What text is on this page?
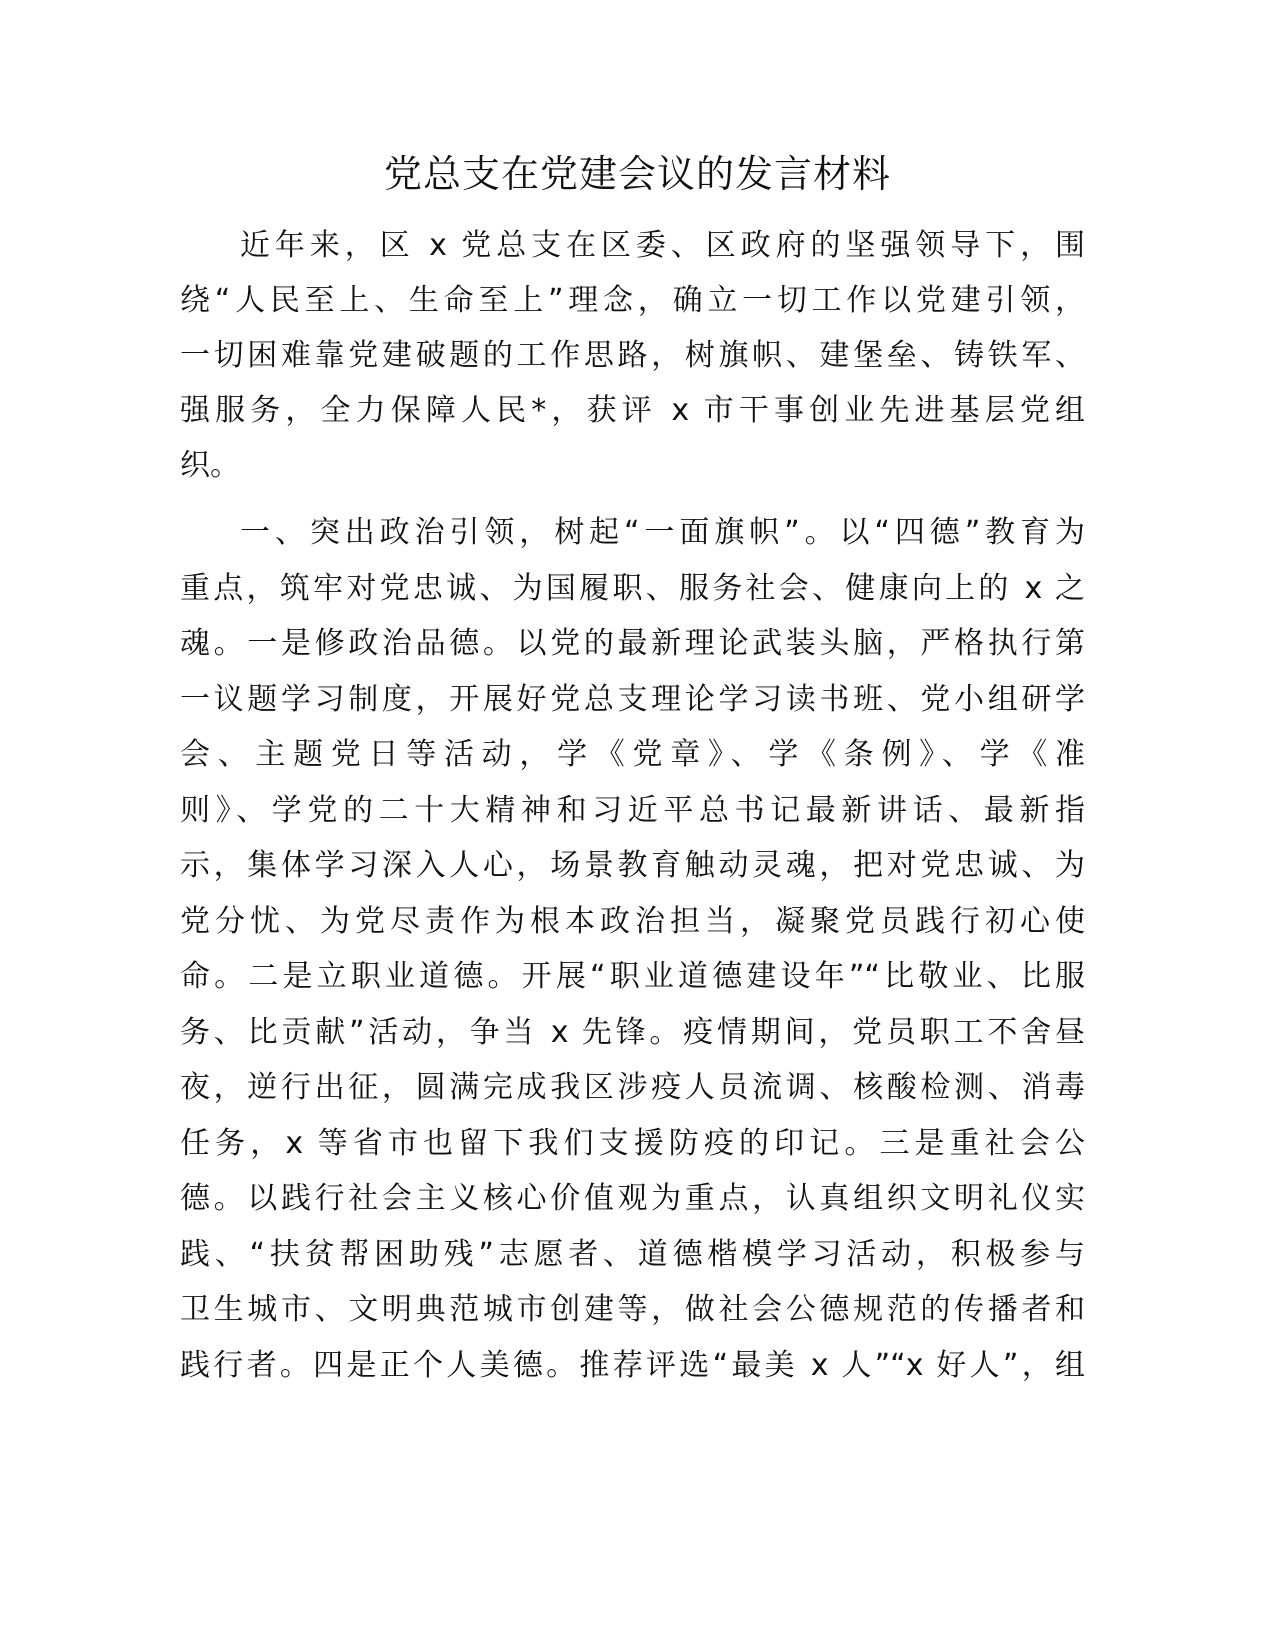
党总支在党建会议的发言材料
近年来，区 x 党总支在区委、区政府的坚强领导下，围
绕“人民至上、生命至上”理念，确立一切工作以党建引领，
一切困难靠党建破题的工作思路，树旗帜、建堡垒、铸铁军、
强服务，全力保障人民*，获评 x 市干事创业先进基层党组
织。
一、突出政治引领，树起“一面旗帜”。以“四德”教育为
重点，筑牢对党忠诚、为国履职、服务社会、健康向上的 x 之
魂。一是修政治品德。以党的最新理论武装头脑，严格执行第
一议题学习制度，开展好党总支理论学习读书班、党小组研学
会、主题党日等活动，学《党章》、学《条例》、学《准
则》、学党的二十大精神和习近平总书记最新讲话、最新指
示，集体学习深入人心，场景教育触动灵魂，把对党忠诚、为
党分忧、为党尽责作为根本政治担当，凝聚党员践行初心使
命。二是立职业道德。开展“职业道德建设年”“比敬业、比服
务、比贡献”活动，争当 x 先锋。疫情期间，党员职工不舍昼
夜，逆行出征，圆满完成我区涉疫人员流调、核酸检测、消毒
任务，x 等省市也留下我们支援防疫的印记。三是重社会公
德。以践行社会主义核心价值观为重点，认真组织文明礼仪实
践、“扶贫帮困助残”志愿者、道德楷模学习活动，积极参与
卫生城市、文明典范城市创建等，做社会公德规范的传播者和
践行者。四是正个人美德。推荐评选“最美 x 人”“x 好人”，组
